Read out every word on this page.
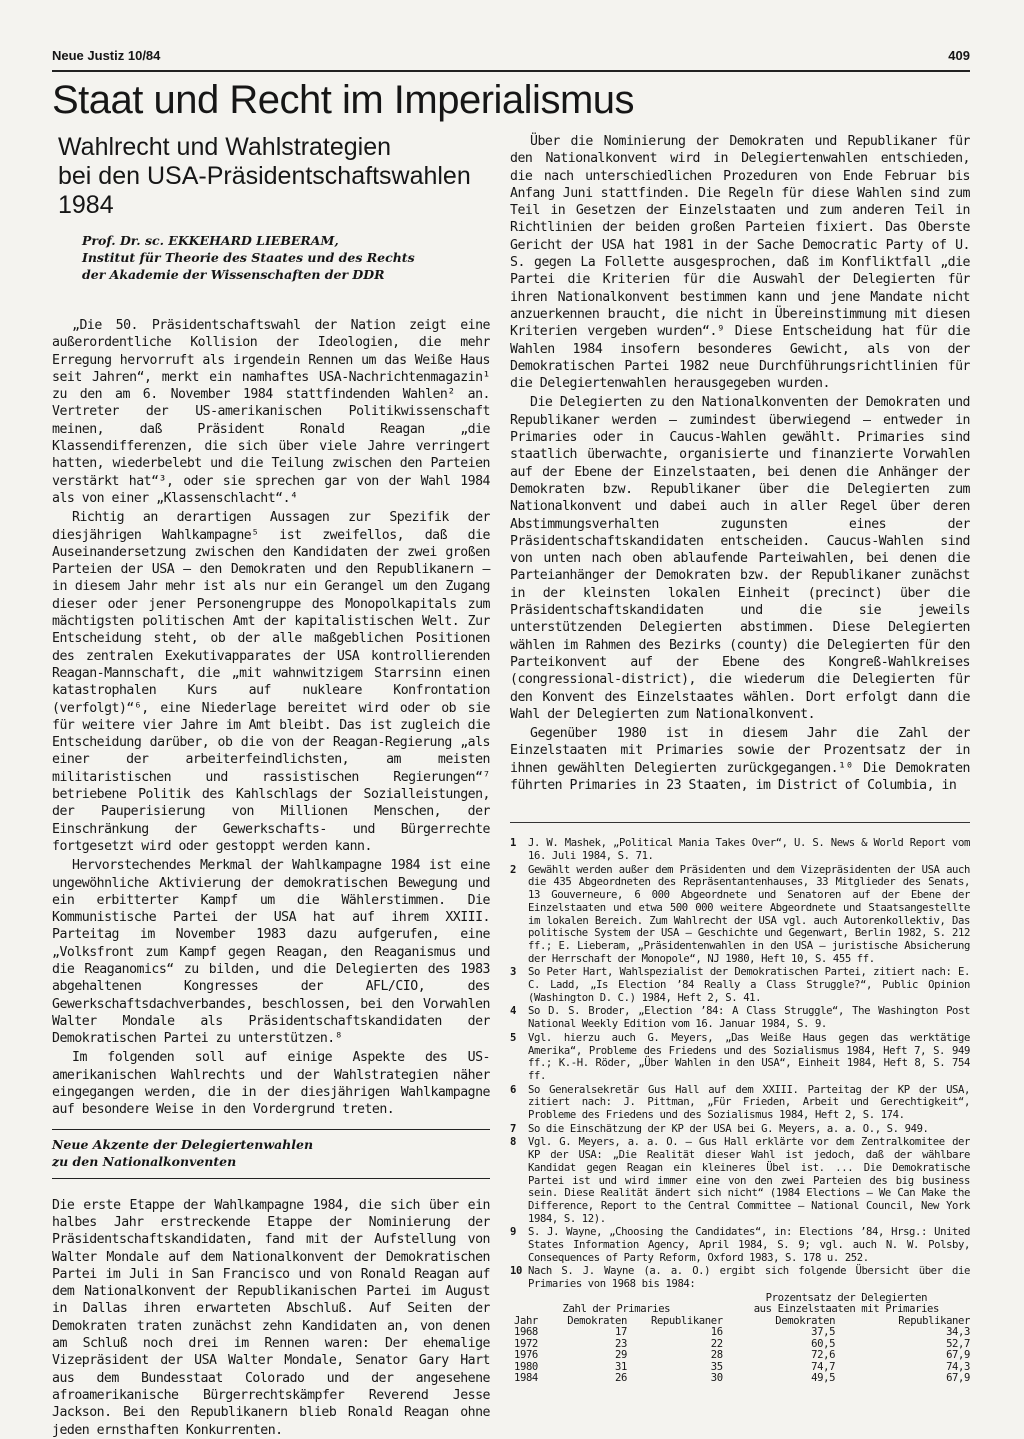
Neue Justiz 10/84	409
Staat und Recht im Imperialismus
Wahlrecht und Wahlstrategien
bei den USA-Präsidentschaftswahlen 1984
Prof. Dr. sc. EKKEHARD LIEBERAM,
Institut für Theorie des Staates und des Rechts
der Akademie der Wissenschaften der DDR

„Die 50. Präsidentschaftswahl der Nation zeigt eine außerordentliche Kollision der Ideologien, die mehr Erregung hervorruft als irgendein Rennen um das Weiße Haus seit Jahren“, merkt ein namhaftes USA-Nachrichtenmagazin¹ zu den am 6. November 1984 stattfindenden Wahlen² an. Vertreter der US-amerikanischen Politikwissenschaft meinen, daß Präsident Ronald Reagan „die Klassendifferenzen, die sich über viele Jahre verringert hatten, wiederbelebt und die Teilung zwischen den Parteien verstärkt hat“³, oder sie sprechen gar von der Wahl 1984 als von einer „Klassenschlacht“.⁴

Richtig an derartigen Aussagen zur Spezifik der diesjährigen Wahlkampagne⁵ ist zweifellos, daß die Auseinandersetzung zwischen den Kandidaten der zwei großen Parteien der USA — den Demokraten und den Republikanern — in diesem Jahr mehr ist als nur ein Gerangel um den Zugang dieser oder jener Personengruppe des Monopolkapitals zum mächtigsten politischen Amt der kapitalistischen Welt. Zur Entscheidung steht, ob der alle maßgeblichen Positionen des zentralen Exekutivapparates der USA kontrollierenden Reagan-Mannschaft, die „mit wahnwitzigem Starrsinn einen katastrophalen Kurs auf nukleare Konfrontation (verfolgt)“⁶, eine Niederlage bereitet wird oder ob sie für weitere vier Jahre im Amt bleibt. Das ist zugleich die Entscheidung darüber, ob die von der Reagan-Regierung „als einer der arbeiterfeindlichsten, am meisten militaristischen und rassistischen Regierungen“⁷ betriebene Politik des Kahlschlags der Sozialleistungen, der Pauperisierung von Millionen Menschen, der Einschränkung der Gewerkschafts- und Bürgerrechte fortgesetzt wird oder gestoppt werden kann.

Hervorstechendes Merkmal der Wahlkampagne 1984 ist eine ungewöhnliche Aktivierung der demokratischen Bewegung und ein erbitterter Kampf um die Wählerstimmen. Die Kommunistische Partei der USA hat auf ihrem XXIII. Parteitag im November 1983 dazu aufgerufen, eine „Volksfront zum Kampf gegen Reagan, den Reaganismus und die Reaganomics“ zu bilden, und die Delegierten des 1983 abgehaltenen Kongresses der AFL/CIO, des Gewerkschaftsdachverbandes, beschlossen, bei den Vorwahlen Walter Mondale als Präsidentschaftskandidaten der Demokratischen Partei zu unterstützen.⁸

Im folgenden soll auf einige Aspekte des US-amerikanischen Wahlrechts und der Wahlstrategien näher eingegangen werden, die in der diesjährigen Wahlkampagne auf besondere Weise in den Vordergrund treten.

Neue Akzente der Delegiertenwahlen
zu den Nationalkonventen

Die erste Etappe der Wahlkampagne 1984, die sich über ein halbes Jahr erstreckende Etappe der Nominierung der Präsidentschaftskandidaten, fand mit der Aufstellung von Walter Mondale auf dem Nationalkonvent der Demokratischen Partei im Juli in San Francisco und von Ronald Reagan auf dem Nationalkonvent der Republikanischen Partei im August in Dallas ihren erwarteten Abschluß. Auf Seiten der Demokraten traten zunächst zehn Kandidaten an, von denen am Schluß noch drei im Rennen waren: Der ehemalige Vizepräsident der USA Walter Mondale, Senator Gary Hart aus dem Bundesstaat Colorado und der angesehene afroamerikanische Bürgerrechtskämpfer Reverend Jesse Jackson. Bei den Republikanern blieb Ronald Reagan ohne jeden ernsthaften Konkurrenten.

Über die Nominierung der Demokraten und Republikaner für den Nationalkonvent wird in Delegiertenwahlen entschieden, die nach unterschiedlichen Prozeduren von Ende Februar bis Anfang Juni stattfinden. Die Regeln für diese Wahlen sind zum Teil in Gesetzen der Einzelstaaten und zum anderen Teil in Richtlinien der beiden großen Parteien fixiert. Das Oberste Gericht der USA hat 1981 in der Sache Democratic Party of U. S. gegen La Follette ausgesprochen, daß im Konfliktfall „die Partei die Kriterien für die Auswahl der Delegierten für ihren Nationalkonvent bestimmen kann und jene Mandate nicht anzuerkennen braucht, die nicht in Übereinstimmung mit diesen Kriterien vergeben wurden“.⁹ Diese Entscheidung hat für die Wahlen 1984 insofern besonderes Gewicht, als von der Demokratischen Partei 1982 neue Durchführungsrichtlinien für die Delegiertenwahlen herausgegeben wurden.

Die Delegierten zu den Nationalkonventen der Demokraten und Republikaner werden — zumindest überwiegend — entweder in Primaries oder in Caucus-Wahlen gewählt. Primaries sind staatlich überwachte, organisierte und finanzierte Vorwahlen auf der Ebene der Einzelstaaten, bei denen die Anhänger der Demokraten bzw. Republikaner über die Delegierten zum Nationalkonvent und dabei auch in aller Regel über deren Abstimmungsverhalten zugunsten eines der Präsidentschaftskandidaten entscheiden. Caucus-Wahlen sind von unten nach oben ablaufende Parteiwahlen, bei denen die Parteianhänger der Demokraten bzw. der Republikaner zunächst in der kleinsten lokalen Einheit (precinct) über die Präsidentschaftskandidaten und die sie jeweils unterstützenden Delegierten abstimmen. Diese Delegierten wählen im Rahmen des Bezirks (county) die Delegierten für den Parteikonvent auf der Ebene des Kongreß-Wahlkreises (congressional-district), die wiederum die Delegierten für den Konvent des Einzelstaates wählen. Dort erfolgt dann die Wahl der Delegierten zum Nationalkonvent.

Gegenüber 1980 ist in diesem Jahr die Zahl der Einzelstaaten mit Primaries sowie der Prozentsatz der in ihnen gewählten Delegierten zurückgegangen.¹⁰ Die Demokraten führten Primaries in 23 Staaten, im District of Columbia, in

1	J. W. Mashek, „Political Mania Takes Over“, U. S. News & World Report vom 16. Juli 1984, S. 71.
2	Gewählt werden außer dem Präsidenten und dem Vizepräsidenten der USA auch die 435 Abgeordneten des Repräsentantenhauses, 33 Mitglieder des Senats, 13 Gouverneure, 6 000 Abgeordnete und Senatoren auf der Ebene der Einzelstaaten und etwa 500 000 weitere Abgeordnete und Staatsangestellte im lokalen Bereich. Zum Wahlrecht der USA vgl. auch Autorenkollektiv, Das politische System der USA – Geschichte und Gegenwart, Berlin 1982, S. 212 ff.; E. Lieberam, „Präsidentenwahlen in den USA – juristische Absicherung der Herrschaft der Monopole“, NJ 1980, Heft 10, S. 455 ff.
3	So Peter Hart, Wahlspezialist der Demokratischen Partei, zitiert nach: E. C. Ladd, „Is Election ’84 Really a Class Struggle?“, Public Opinion (Washington D. C.) 1984, Heft 2, S. 41.
4	So D. S. Broder, „Election ’84: A Class Struggle“, The Washington Post National Weekly Edition vom 16. Januar 1984, S. 9.
5	Vgl. hierzu auch G. Meyers, „Das Weiße Haus gegen das werktätige Amerika“, Probleme des Friedens und des Sozialismus 1984, Heft 7, S. 949 ff.; K.-H. Röder, „Über Wahlen in den USA“, Einheit 1984, Heft 8, S. 754 ff.
6	So Generalsekretär Gus Hall auf dem XXIII. Parteitag der KP der USA, zitiert nach: J. Pittman, „Für Frieden, Arbeit und Gerechtigkeit“, Probleme des Friedens und des Sozialismus 1984, Heft 2, S. 174.
7	So die Einschätzung der KP der USA bei G. Meyers, a. a. O., S. 949.
8	Vgl. G. Meyers, a. a. O. – Gus Hall erklärte vor dem Zentralkomitee der KP der USA: „Die Realität dieser Wahl ist jedoch, daß der wählbare Kandidat gegen Reagan ein kleineres Übel ist. ... Die Demokratische Partei ist und wird immer eine von den zwei Parteien des big business sein. Diese Realität ändert sich nicht“ (1984 Elections – We Can Make the Difference, Report to the Central Committee – National Council, New York 1984, S. 12).
9	S. J. Wayne, „Choosing the Candidates“, in: Elections ’84, Hrsg.: United States Information Agency, April 1984, S. 9; vgl. auch N. W. Polsby, Consequences of Party Reform, Oxford 1983, S. 178 u. 252.
10 Nach S. J. Wayne (a. a. O.) ergibt sich folgende Übersicht über die Primaries von 1968 bis 1984:
			Prozentsatz der Delegierten	
Zahl der Primaries			aus Einzelstaaten mit Primaries	
Jahr	Demokraten	Republikaner	Demokraten	Republikaner
1968	17	16	37,5	34,3
1972	23	22	60,5	52,7
1976	29	28	72,6	67,9
1980	31	35	74,7	74,3
1984	26	30	49,5	67,9
